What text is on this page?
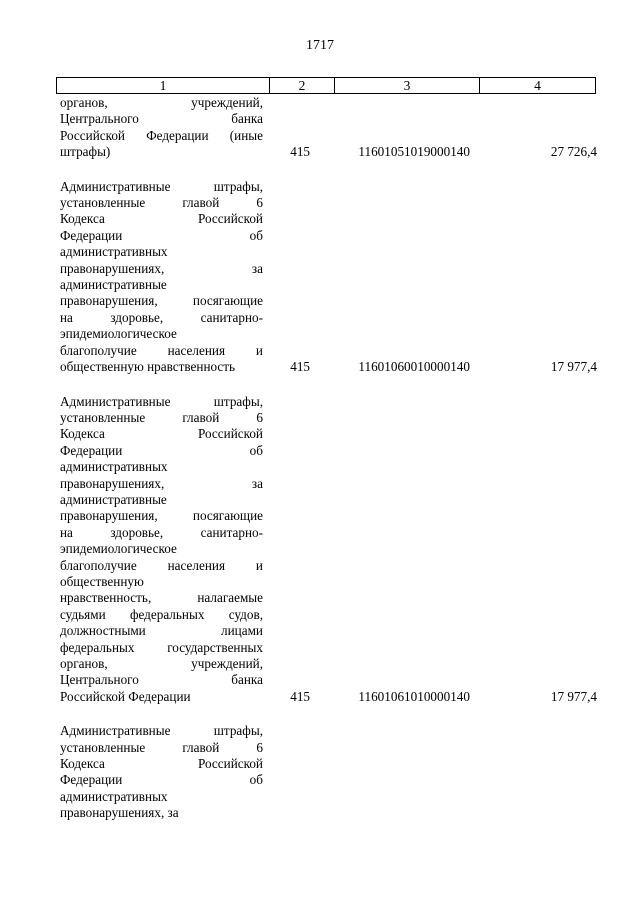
1717
1	2	3	4
органов, учреждений,
Центрального банка
Российской Федерации (иные
штрафы)	415	11601051019000140	27 726,4
Административные штрафы,
установленные главой 6
Кодекса Российской
Федерации об
административных
правонарушениях, за
административные
правонарушения, посягающие
на здоровье, санитарно-
эпидемиологическое
благополучие населения и
общественную нравственность	415	11601060010000140	17 977,4
Административные штрафы,
установленные главой 6
Кодекса Российской
Федерации об
административных
правонарушениях, за
административные
правонарушения, посягающие
на здоровье, санитарно-
эпидемиологическое
благополучие населения и
общественную
нравственность, налагаемые
судьями федеральных судов,
должностными лицами
федеральных государственных
органов, учреждений,
Центрального банка
Российской Федерации	415	11601061010000140	17 977,4
Административные штрафы,
установленные главой 6
Кодекса Российской
Федерации об
административных
правонарушениях, за
